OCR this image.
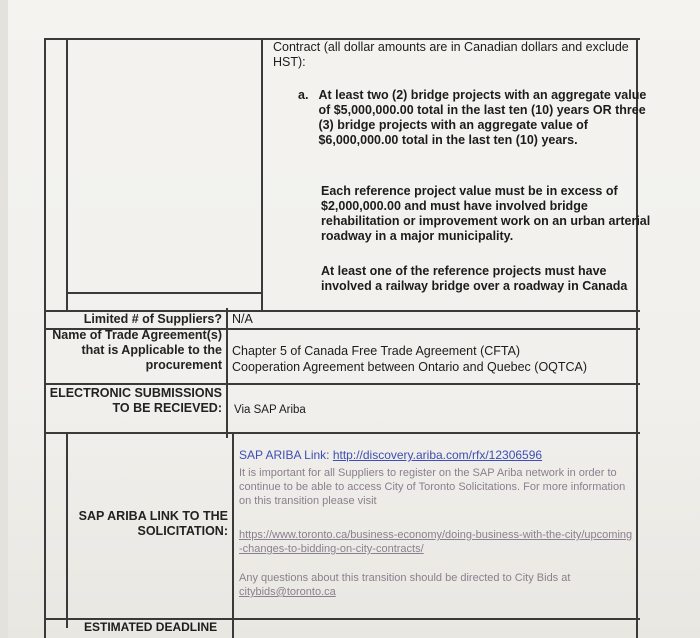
Contract (all dollar amounts are in Canadian dollars and exclude HST):
a. At least two (2) bridge projects with an aggregate value of $5,000,000.00 total in the last ten (10) years OR three (3) bridge projects with an aggregate value of $6,000,000.00 total in the last ten (10) years.
Each reference project value must be in excess of $2,000,000.00 and must have involved bridge rehabilitation or improvement work on an urban arterial roadway in a major municipality.
At least one of the reference projects must have involved a railway bridge over a roadway in Canada
Limited # of Suppliers? N/A
Name of Trade Agreement(s) that is Applicable to the procurement
Chapter 5 of Canada Free Trade Agreement (CFTA)
Cooperation Agreement between Ontario and Quebec (OQTCA)
ELECTRONIC SUBMISSIONS TO BE RECIEVED: Via SAP Ariba
SAP ARIBA LINK TO THE SOLICITATION:
SAP ARIBA Link: http://discovery.ariba.com/rfx/12306596
It is important for all Suppliers to register on the SAP Ariba network in order to continue to be able to access City of Toronto Solicitations. For more information on this transition please visit
https://www.toronto.ca/business-economy/doing-business-with-the-city/upcoming-changes-to-bidding-on-city-contracts/
Any questions about this transition should be directed to City Bids at
citybids@toronto.ca
ESTIMATED DEADLINE
